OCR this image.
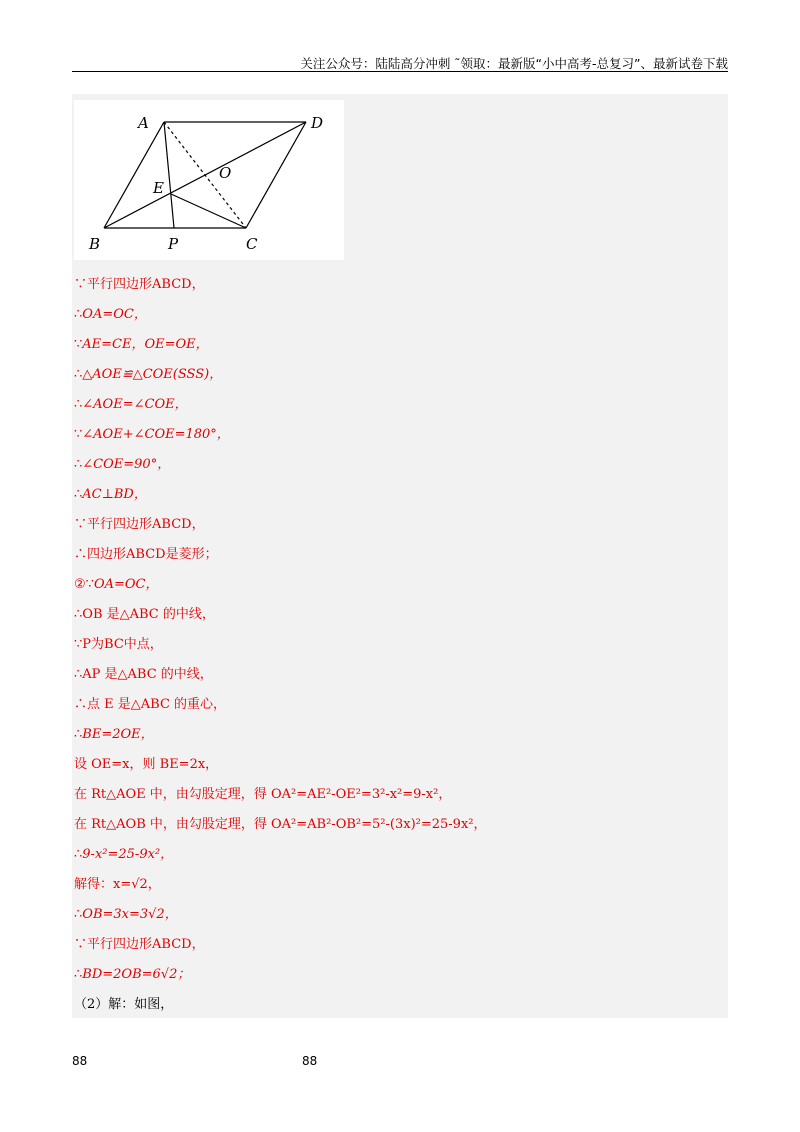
关注公众号：陆陆高分冲刺 ˜领取：最新版“小中高考-总复习”、最新试卷下载
A	D
O
E
B	P	C
∵平行四边形ABCD，
∴OA=OC，
∵AE=CE，OE=OE，
∴△AOE≌△COE(SSS)，
∴∠AOE=∠COE，
∵∠AOE+∠COE=180°，
∴∠COE=90°，
∴AC⊥BD，
∵平行四边形ABCD，
∴四边形ABCD是菱形；
②∵OA=OC，
∴OB 是△ABC 的中线，
∵P为BC中点，
∴AP 是△ABC 的中线，
∴点 E 是△ABC 的重心，
∴BE=2OE，
设 OE=x，则 BE=2x，
在 Rt△AOE 中，由勾股定理，得 OA²=AE²-OE²=3²-x²=9-x²，
在 Rt△AOB 中，由勾股定理，得 OA²=AB²-OB²=5²-(3x)²=25-9x²，
∴9-x²=25-9x²，
解得：x=√2，
∴OB=3x=3√2，
∵平行四边形ABCD，
∴BD=2OB=6√2；
（2）解：如图，
88	88
